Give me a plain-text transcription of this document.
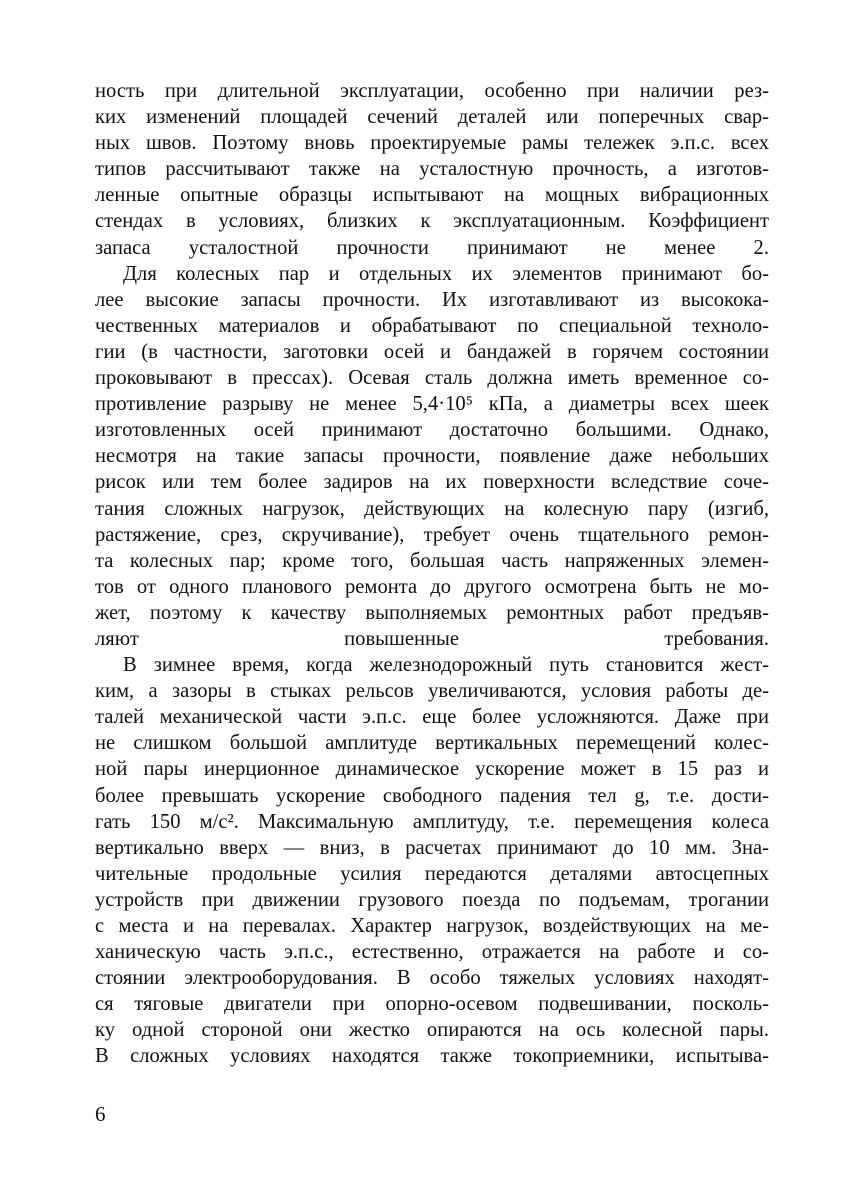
ность при длительной эксплуатации, особенно при наличии рез-
ких изменений площадей сечений деталей или поперечных свар-
ных швов. Поэтому вновь проектируемые рамы тележек э.п.с. всех
типов рассчитывают также на усталостную прочность, а изготов-
ленные опытные образцы испытывают на мощных вибрационных
стендах в условиях, близких к эксплуатационным. Коэффициент
запаса усталостной прочности принимают не менее 2.

Для колесных пар и отдельных их элементов принимают бо-
лее высокие запасы прочности. Их изготавливают из высокока-
чественных материалов и обрабатывают по специальной техноло-
гии (в частности, заготовки осей и бандажей в горячем состоянии
проковывают в прессах). Осевая сталь должна иметь временное со-
противление разрыву не менее 5,4·10⁵ кПа, а диаметры всех шеек
изготовленных осей принимают достаточно большими. Однако,
несмотря на такие запасы прочности, появление даже небольших
рисок или тем более задиров на их поверхности вследствие соче-
тания сложных нагрузок, действующих на колесную пару (изгиб,
растяжение, срез, скручивание), требует очень тщательного ремон-
та колесных пар; кроме того, большая часть напряженных элемен-
тов от одного планового ремонта до другого осмотрена быть не мо-
жет, поэтому к качеству выполняемых ремонтных работ предъяв-
ляют повышенные требования.

В зимнее время, когда железнодорожный путь становится жест-
ким, а зазоры в стыках рельсов увеличиваются, условия работы де-
талей механической части э.п.с. еще более усложняются. Даже при
не слишком большой амплитуде вертикальных перемещений колес-
ной пары инерционное динамическое ускорение может в 15 раз и
более превышать ускорение свободного падения тел g, т.е. дости-
гать 150 м/с². Максимальную амплитуду, т.е. перемещения колеса
вертикально вверх — вниз, в расчетах принимают до 10 мм. Зна-
чительные продольные усилия передаются деталями автосцепных
устройств при движении грузового поезда по подъемам, трогании
с места и на перевалах. Характер нагрузок, воздействующих на ме-
ханическую часть э.п.с., естественно, отражается на работе и со-
стоянии электрооборудования. В особо тяжелых условиях находят-
ся тяговые двигатели при опорно-осевом подвешивании, посколь-
ку одной стороной они жестко опираются на ось колесной пары.
В сложных условиях находятся также токоприемники, испытыва-

6
